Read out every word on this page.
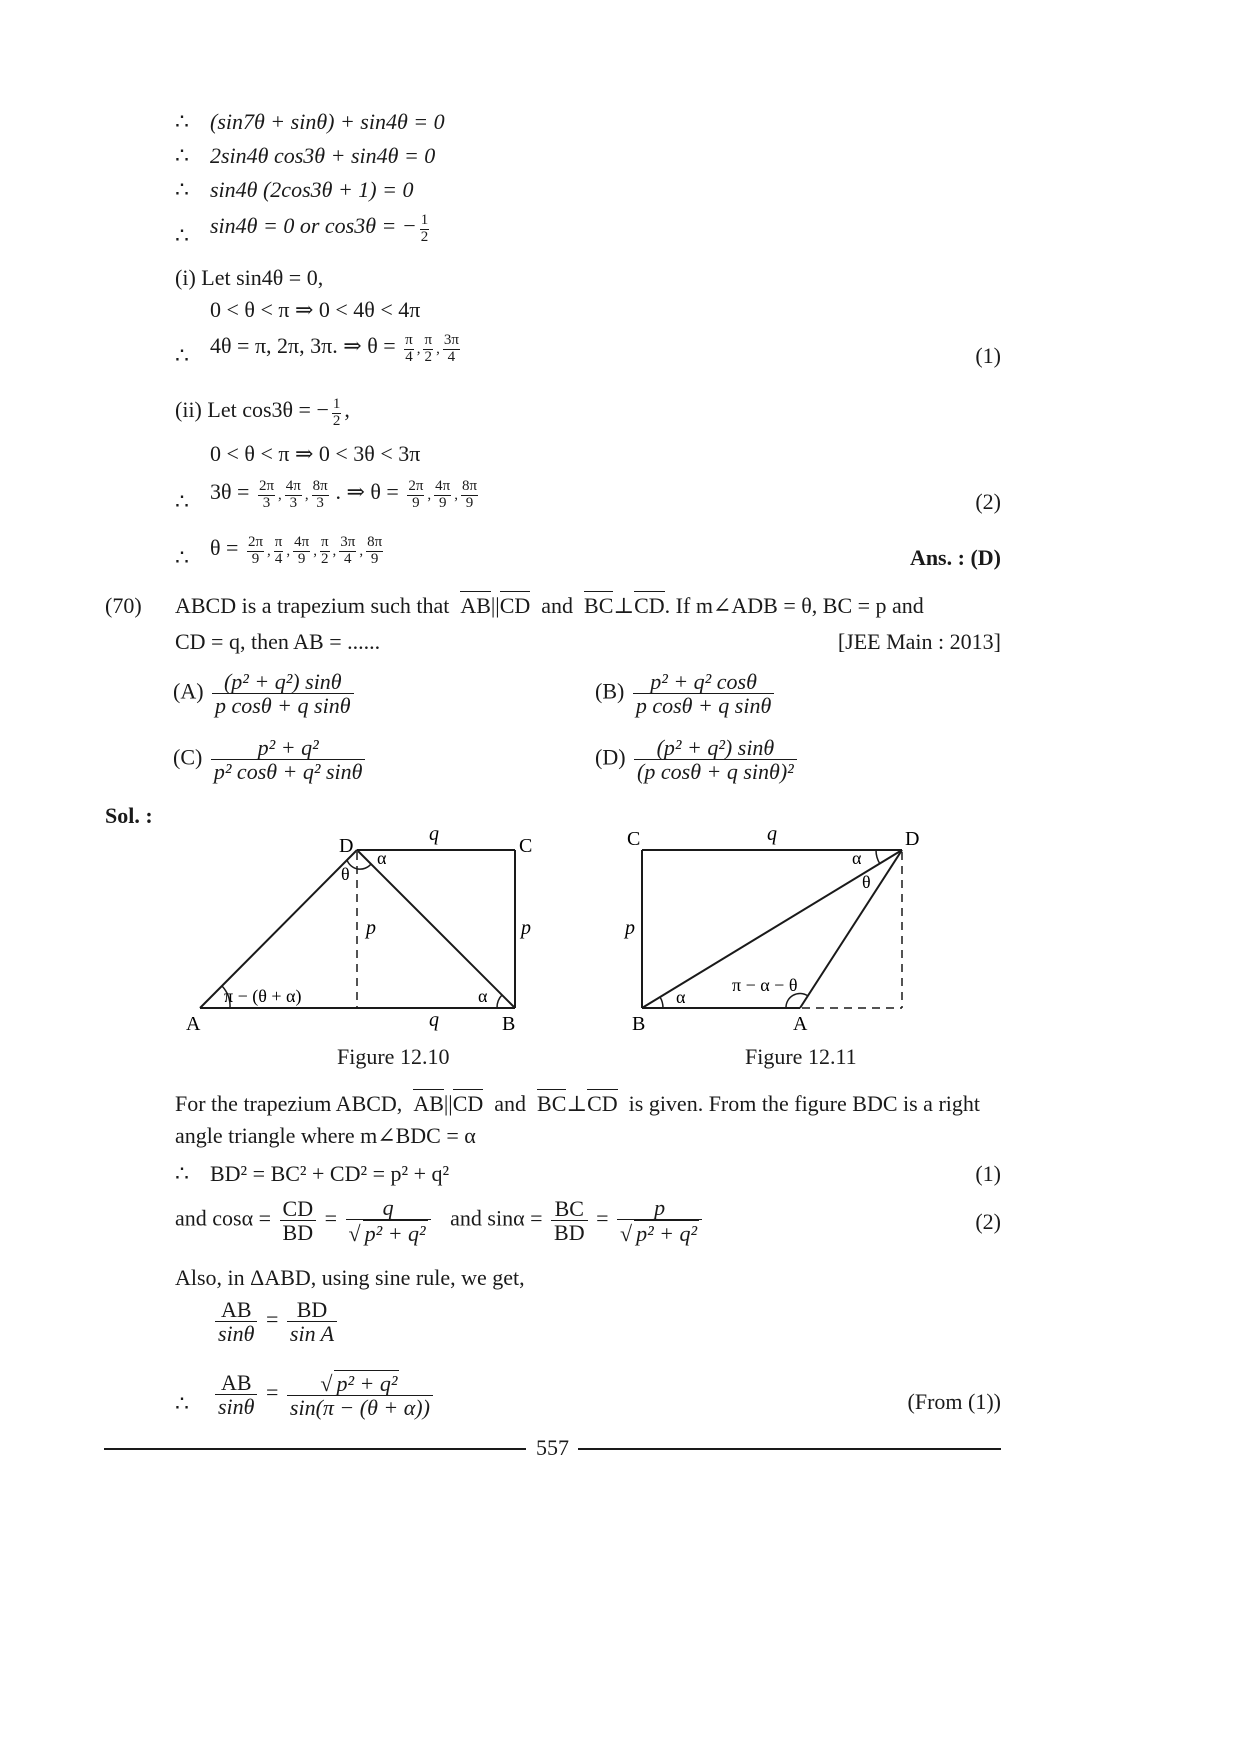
∴ (sin7θ + sinθ) + sin4θ = 0
∴ 2sin4θ cos3θ + sin4θ = 0
∴ sin4θ (2cos3θ + 1) = 0
∴ sin4θ = 0 or cos3θ = − $\frac{1}{2}$
(i) Let sin4θ = 0,
0 < θ < π ⇒ 0 < 4θ < 4π
∴ 4θ = π, 2π, 3π. ⇒ $\theta = \frac{\pi}{4}$ , $\frac{\pi}{2}$ , $\frac{3\pi}{4}$	(1)
(ii) Let cos3θ = − $\frac{1}{2}$ ,
0 < θ < π ⇒ 0 < 3θ < 3π
∴ $3\theta = \frac{2\pi}{3}$ , $\frac{4\pi}{3}$ , $\frac{8\pi}{3}$ . ⇒ $\theta = \frac{2\pi}{9}$ , $\frac{4\pi}{9}$ , $\frac{8\pi}{9}$	(2)
∴ $\theta = \frac{2\pi}{9}$ , $\frac{\pi}{4}$ , $\frac{4\pi}{9}$ , $\frac{\pi}{2}$ , $\frac{3\pi}{4}$ , $\frac{8\pi}{9}$	Ans. : (D)
(70) ABCD is a trapezium such that AB||CD and BC⊥CD. If m∠ADB = θ, BC = p and
CD = q, then AB = ......	[JEE Main : 2013]
$(A) \frac{\text{(p² + q²) sinθ}}{\text{p cosθ + q sinθ}}$	$(B) \frac{\text{p² + q² cosθ}}{\text{p cosθ + q sinθ}}$
$(C) \frac{\text{p² + q²}}{\text{p² cosθ + q² sinθ}}$	$(D) \frac{\text{(p² + q²) sinθ}}{\text{(p cosθ + q sinθ)²}}$
Sol. :
A	B
C
D
q
q
p	p
α
θ
α
π − (θ + α)
C	D
B	A
q
p
α
θ
α
π − α − θ
Figure 12.10	Figure 12.11
For the trapezium ABCD, AB||CD and BC⊥CD is given. From the figure BDC is a right
angle triangle where m∠BDC = α
∴ BD² = BC² + CD² = p² + q²	(1)
and $\cos\alpha = \frac{CD}{BD} = \frac{q}{\text{√ p² + q²}}$ and $\sin\alpha = \frac{BC}{BD} = \frac{p}{\text{√ p² + q²}}$	(2)
Also, in ΔABD, using sine rule, we get,
$\frac{AB}{\sin\theta} = \frac{BD}{\text{sin A}}$
∴ $\frac{AB}{\sin\theta} = \frac{\text{√ p² + q²}}{\sin(\pi - (\theta + \alpha))}$	(From (1))
557
